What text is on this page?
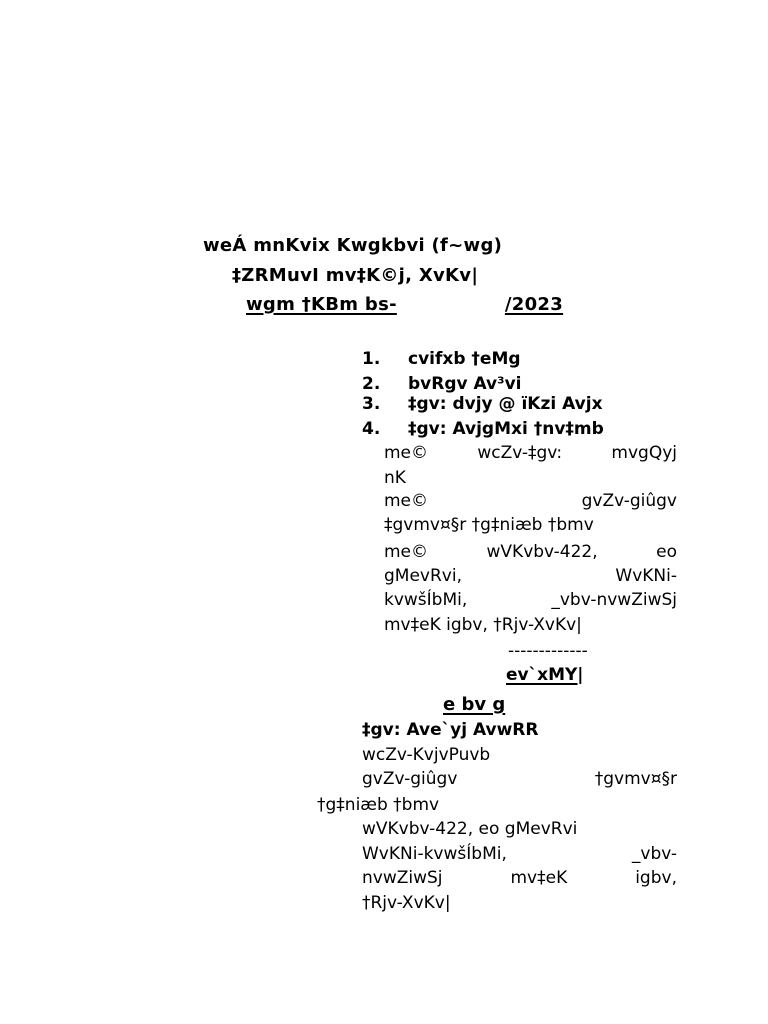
weÁ mnKvix Kwgkbvi (f~wg)
‡ZRMuvI mv‡K©j, XvKv|
wgm †KBm bs-	/2023
1. cvifxb †eMg
2. bvRgv Av³vi
3. ‡gv: dvjy @ ïKzi Avjx
4. ‡gv: AvjgMxi †nv‡mb
me©	wcZv-‡gv:	mvgQyj
nK
me©	gvZv-giûgv
‡gvmv¤§r †g‡niæb †bmv
me©	wVKvbv-422,	eo
gMevRvi,	WvKNi-
kvwšÍbMi,	_vbv-nvwZiwSj
mv‡eK igbv, †Rjv-XvKv|
-------------
ev`xMY|
e bv g
‡gv: Ave`yj AvwRR
wcZv-KvjvPuvb
gvZv-giûgv	†gvmv¤§r
†g‡niæb †bmv
wVKvbv-422, eo gMevRvi
WvKNi-kvwšÍbMi,	_vbv-
nvwZiwSj	mv‡eK	igbv,
†Rjv-XvKv|
